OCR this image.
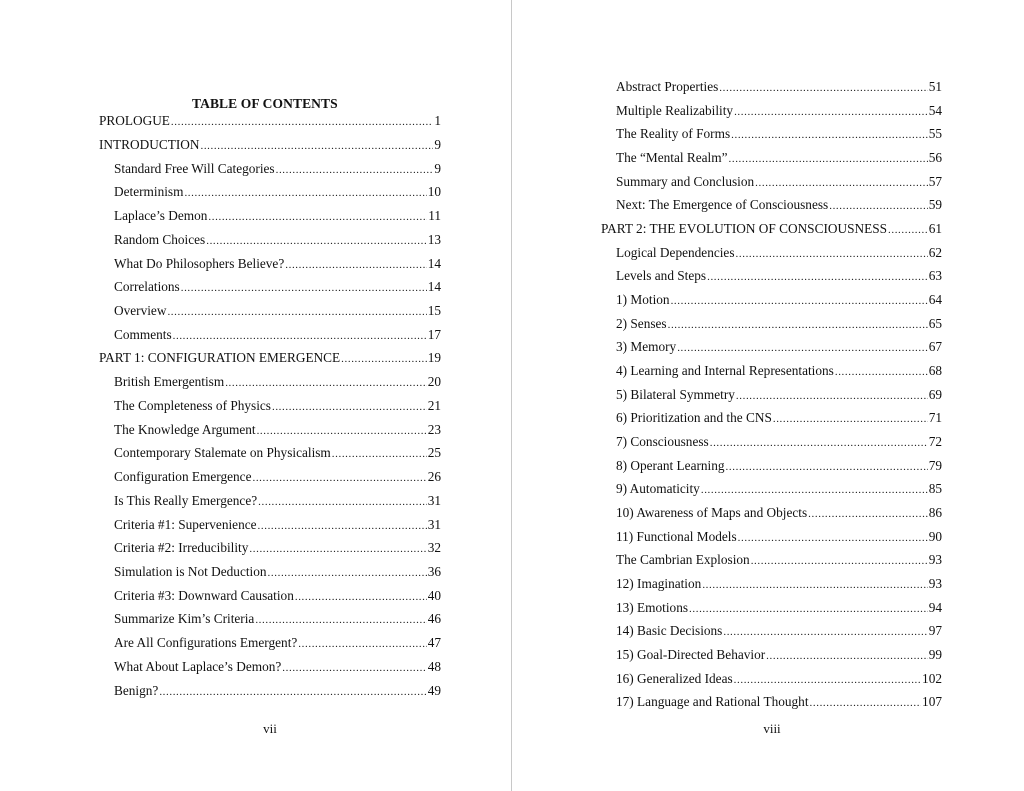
TABLE OF CONTENTS
PROLOGUE .....	1
INTRODUCTION .....	9
Standard Free Will Categories .....	9
Determinism .....	10
Laplace’s Demon .....	11
Random Choices .....	13
What Do Philosophers Believe? .....	14
Correlations .....	14
Overview .....	15
Comments .....	17
PART 1: CONFIGURATION EMERGENCE .....	19
British Emergentism .....	20
The Completeness of Physics .....	21
The Knowledge Argument .....	23
Contemporary Stalemate on Physicalism .....	25
Configuration Emergence .....	26
Is This Really Emergence? .....	31
Criteria #1: Supervenience .....	31
Criteria #2: Irreducibility .....	32
Simulation is Not Deduction .....	36
Criteria #3: Downward Causation .....	40
Summarize Kim’s Criteria .....	46
Are All Configurations Emergent? .....	47
What About Laplace’s Demon? .....	48
Benign? .....	49
vii
Abstract Properties .....	51
Multiple Realizability .....	54
The Reality of Forms .....	55
The “Mental Realm” .....	56
Summary and Conclusion .....	57
Next: The Emergence of Consciousness .....	59
PART 2: THE EVOLUTION OF CONSCIOUSNESS .....	61
Logical Dependencies .....	62
Levels and Steps .....	63
1) Motion .....	64
2) Senses .....	65
3) Memory .....	67
4) Learning and Internal Representations .....	68
5) Bilateral Symmetry .....	69
6) Prioritization and the CNS .....	71
7) Consciousness .....	72
8) Operant Learning .....	79
9) Automaticity .....	85
10) Awareness of Maps and Objects .....	86
11) Functional Models .....	90
The Cambrian Explosion .....	93
12) Imagination .....	93
13) Emotions .....	94
14) Basic Decisions .....	97
15) Goal-Directed Behavior .....	99
16) Generalized Ideas .....	102
17) Language and Rational Thought .....	107
viii
